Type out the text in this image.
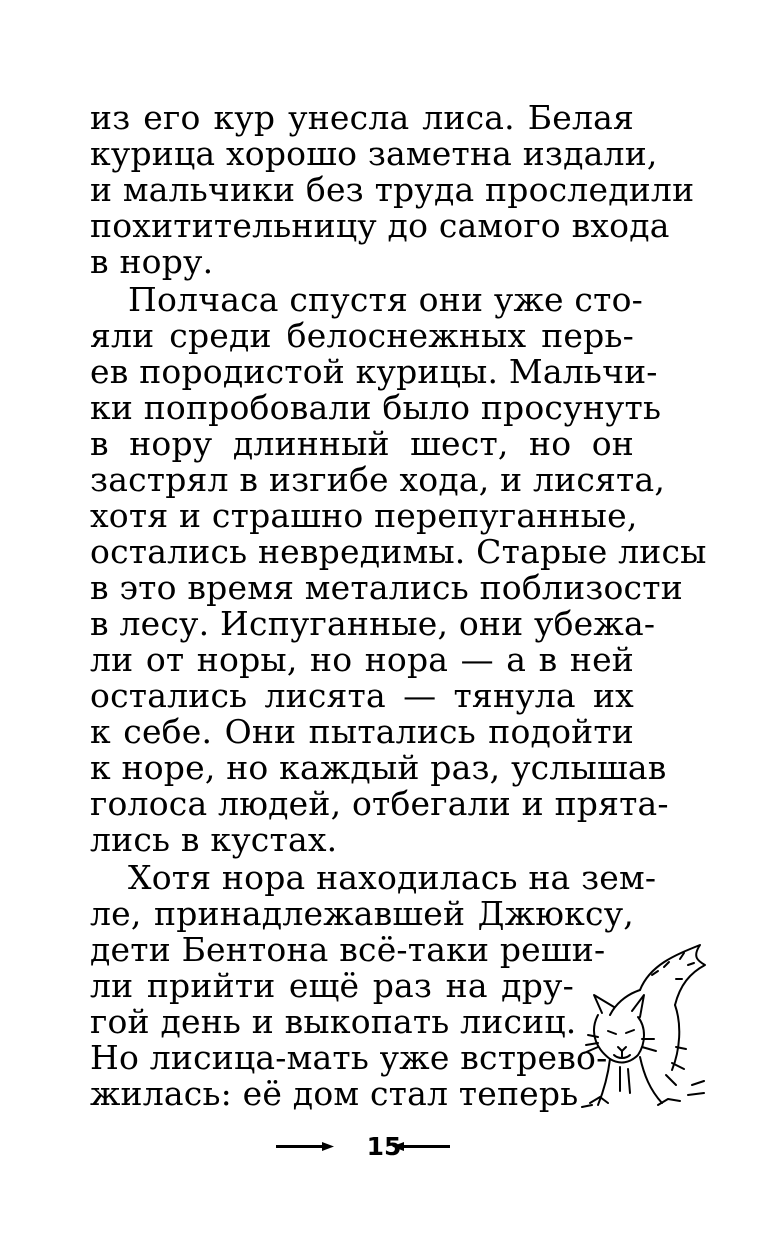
из его кур унесла лиса. Белая
курица хорошо заметна издали,
и мальчики без труда проследили
похитительницу до самого входа
в нору.
Полчаса спустя они уже сто-
яли среди белоснежных перь-
ев породистой курицы. Мальчи-
ки попробовали было просунуть
в нору длинный шест, но он
застрял в изгибе хода, и лисята,
хотя и страшно перепуганные,
остались невредимы. Старые лисы
в это время метались поблизости
в лесу. Испуганные, они убежа-
ли от норы, но нора — а в ней
остались лисята — тянула их
к себе. Они пытались подойти
к норе, но каждый раз, услышав
голоса людей, отбегали и прята-
лись в кустах.
Хотя нора находилась на зем-
ле, принадлежавшей Джюксу,
дети Бентона всё-таки реши-
ли прийти ещё раз на дру-
гой день и выкопать лисиц.
Но лисица-мать уже встрево-
жилась: её дом стал теперь
15
